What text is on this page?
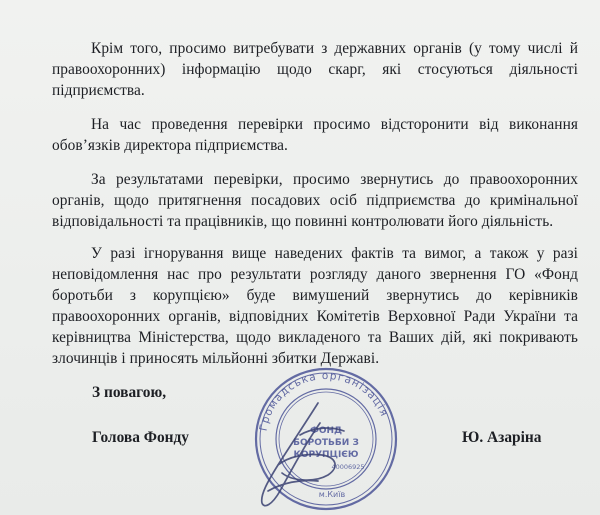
Крім того, просимо витребувати з державних органів (у тому числі й правоохоронних) інформацію щодо скарг, які стосуються діяльності підприємства.

На час проведення перевірки просимо відсторонити від виконання обов’язків директора підприємства.

За результатами перевірки, просимо звернутись до правоохоронних органів, щодо притягнення посадових осіб підприємства до кримінальної відповідальності та працівників, що повинні контролювати його діяльність.

У разі ігнорування вище наведених фактів та вимог, а також у разі неповідомлення нас про результати розгляду даного звернення ГО «Фонд боротьби з корупцією» буде вимушений звернутись до керівників правоохоронних органів, відповідних Комітетів Верховної Ради України та керівництва Міністерства, щодо викладеного та Ваших дій, які покривають злочинців і приносять мільйонні збитки Державі.

З повагою,
Голова Фонду	Ю. Азаріна
Громадська організація
ФОНД
БОРОТЬБИ З
КОРУПЦІЄЮ
40006925
м.Київ
